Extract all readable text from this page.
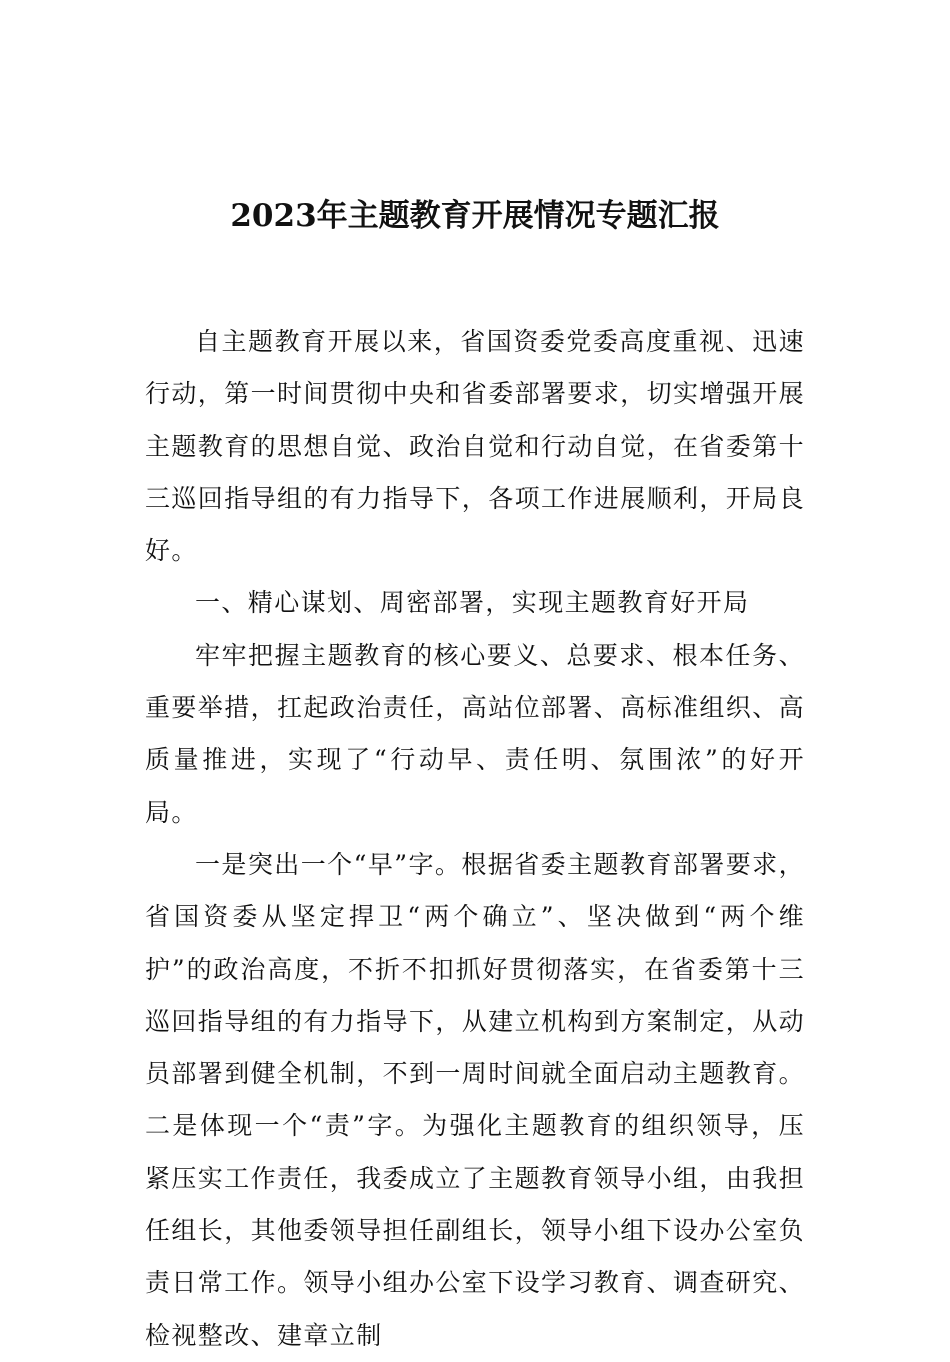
2023年主题教育开展情况专题汇报

自主题教育开展以来，省国资委党委高度重视、迅速行动，第一时间贯彻中央和省委部署要求，切实增强开展主题教育的思想自觉、政治自觉和行动自觉，在省委第十三巡回指导组的有力指导下，各项工作进展顺利，开局良好。

一、精心谋划、周密部署，实现主题教育好开局

牢牢把握主题教育的核心要义、总要求、根本任务、重要举措，扛起政治责任，高站位部署、高标准组织、高质量推进，实现了“行动早、责任明、氛围浓”的好开局。

一是突出一个“早”字。根据省委主题教育部署要求，省国资委从坚定捍卫“两个确立”、坚决做到“两个维护”的政治高度，不折不扣抓好贯彻落实，在省委第十三巡回指导组的有力指导下，从建立机构到方案制定，从动员部署到健全机制，不到一周时间就全面启动主题教育。二是体现一个“责”字。为强化主题教育的组织领导，压紧压实工作责任，我委成立了主题教育领导小组，由我担任组长，其他委领导担任副组长，领导小组下设办公室负责日常工作。领导小组办公室下设学习教育、调查研究、检视整改、建章立制
